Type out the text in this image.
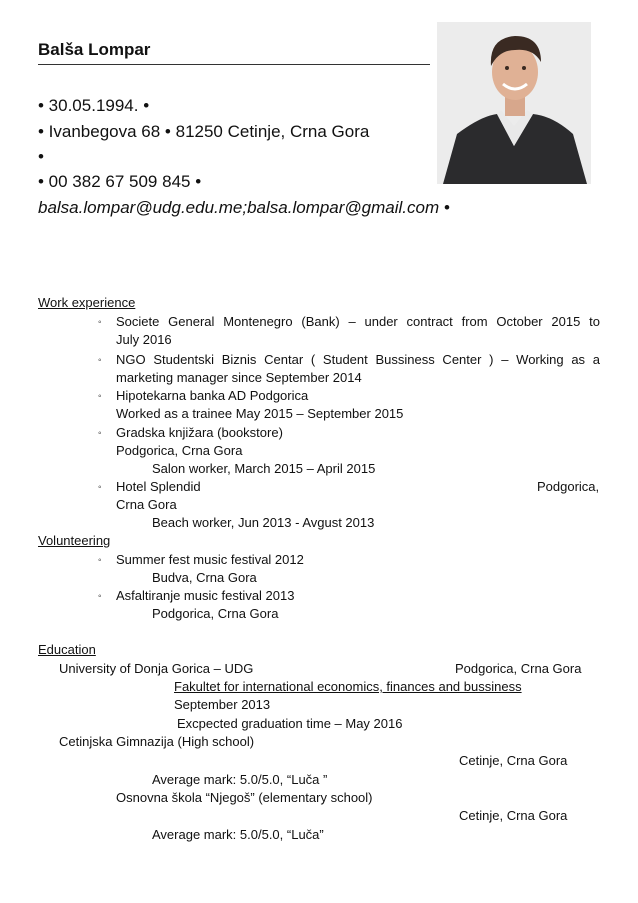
Balša Lompar
• 30.05.1994. •
• Ivanbegova 68 • 81250 Cetinje, Crna Gora
•
• 00 382 67 509 845 •
balsa.lompar@udg.edu.me;balsa.lompar@gmail.com •
Work experience
◦ Societe General Montenegro (Bank) – under contract from October 2015 to
July 2016
◦ NGO Studentski Biznis Centar ( Student Bussiness Center ) – Working as a
marketing manager since September 2014
◦ Hipotekarna banka AD Podgorica
Worked as a trainee May 2015 – September 2015
◦ Gradska knjižara (bookstore)
Podgorica, Crna Gora
Salon worker, March 2015 – April 2015
◦ Hotel Splendid	Podgorica,
Crna Gora
Beach worker, Jun 2013 - Avgust 2013
Volunteering
◦ Summer fest music festival 2012
Budva, Crna Gora
◦ Asfaltiranje music festival 2013
Podgorica, Crna Gora
Education
University of Donja Gorica – UDG	Podgorica, Crna Gora
Fakultet for international economics, finances and bussiness
September 2013
Excpected graduation time – May 2016
Cetinjska Gimnazija (High school)
Cetinje, Crna Gora
Average mark: 5.0/5.0, “Luča ”
Osnovna škola “Njegoš” (elementary school)
Cetinje, Crna Gora
Average mark: 5.0/5.0, “Luča”
